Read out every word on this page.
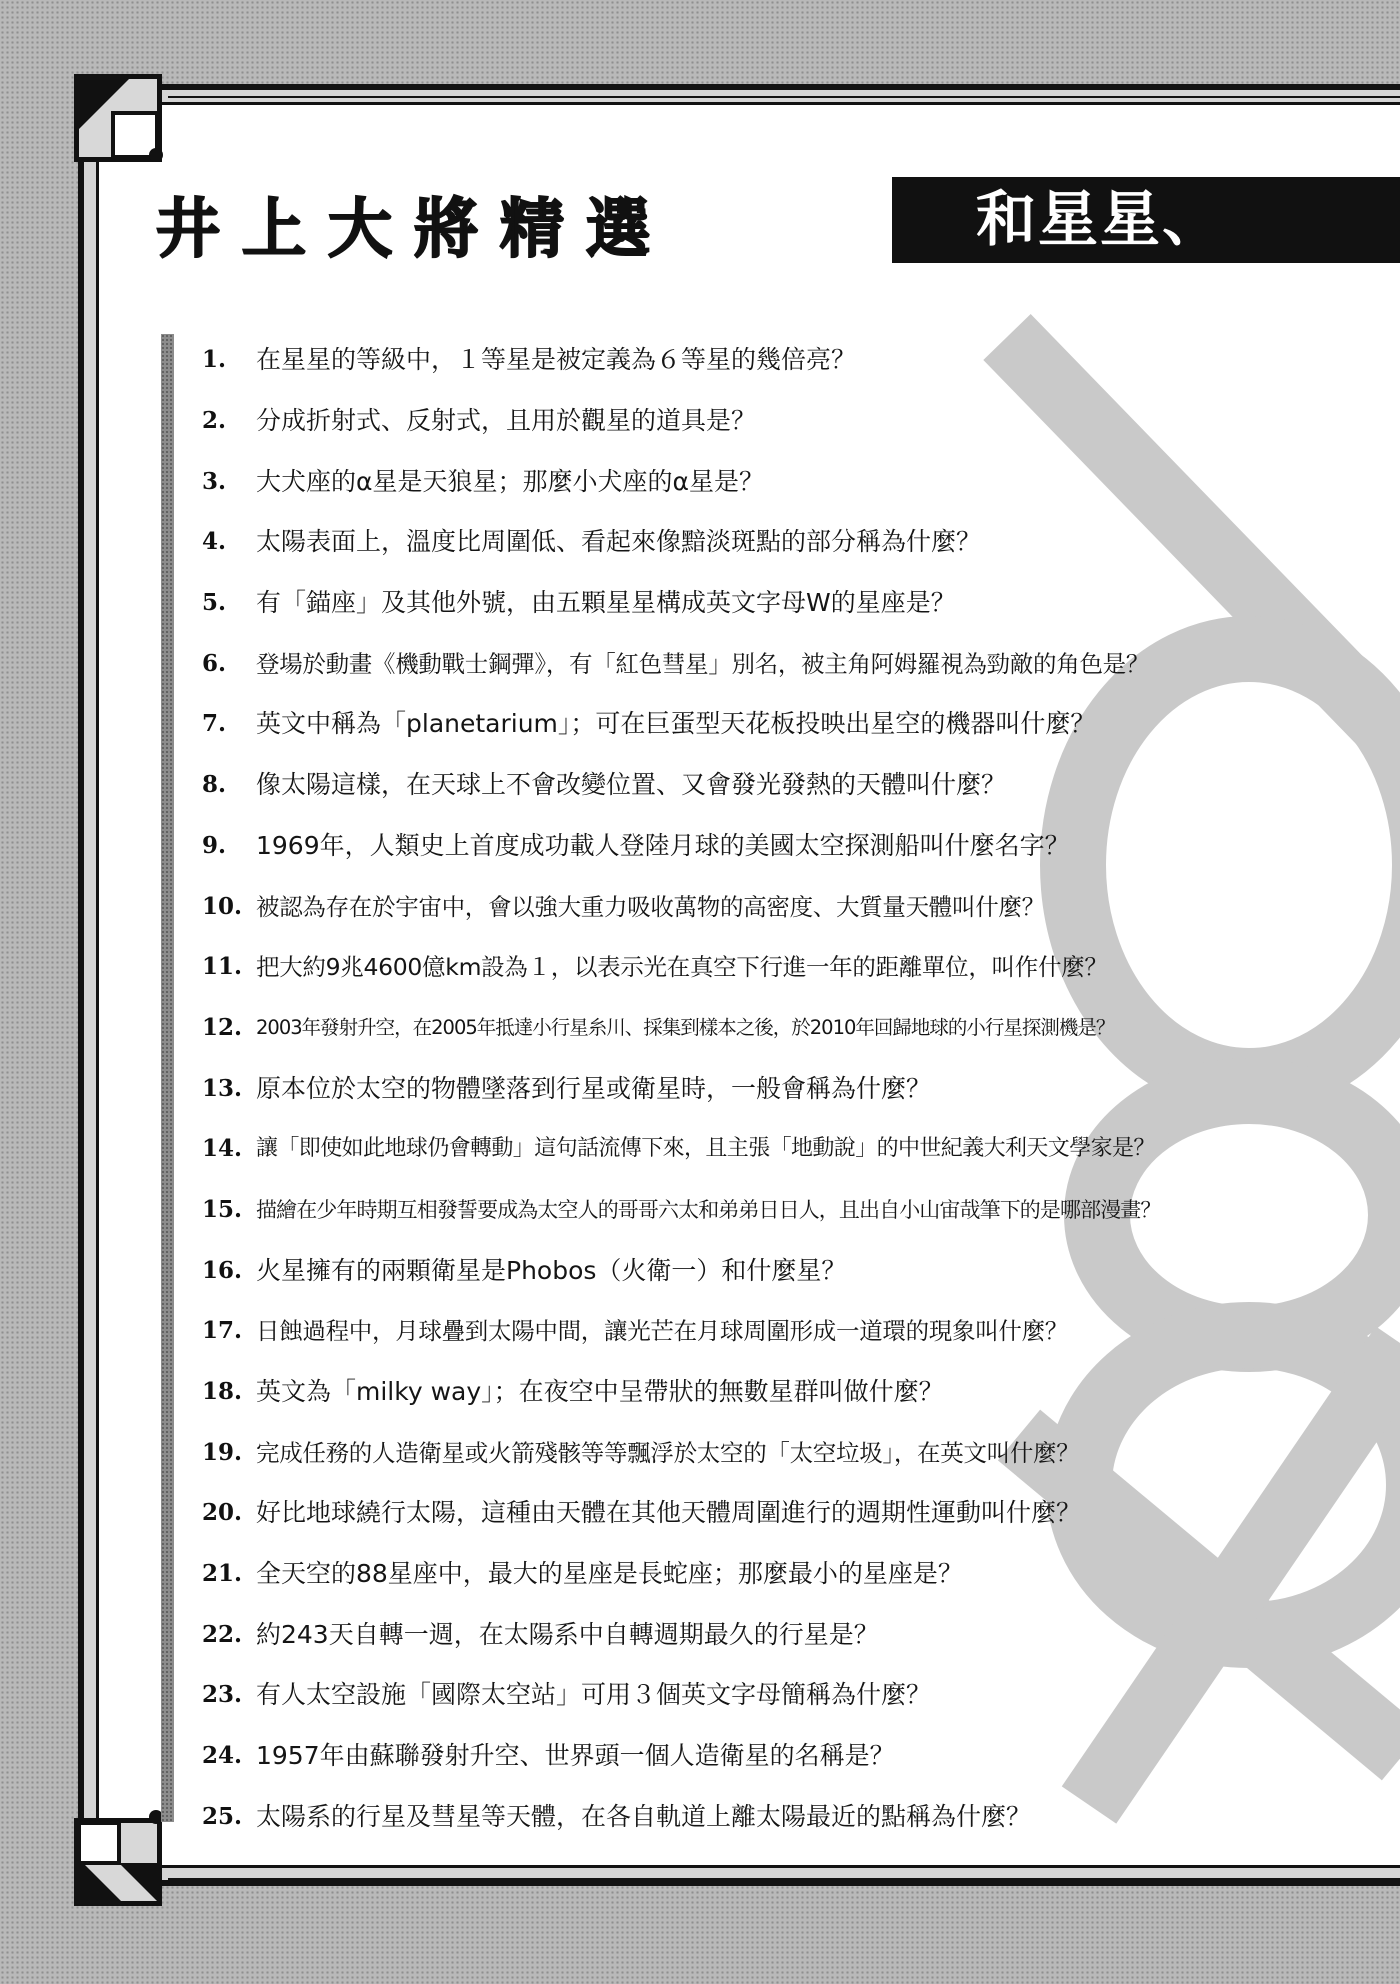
井上大將精選	和星星、
1.	在星星的等級中，１等星是被定義為６等星的幾倍亮？
2.	分成折射式、反射式，且用於觀星的道具是？
3.	大犬座的α星是天狼星；那麼小犬座的α星是？
4.	太陽表面上，溫度比周圍低、看起來像黯淡斑點的部分稱為什麼？
5.	有「錨座」及其他外號，由五顆星星構成英文字母W的星座是？
6.	登場於動畫《機動戰士鋼彈》，有「紅色彗星」別名，被主角阿姆羅視為勁敵的角色是？
7.	英文中稱為「planetarium」；可在巨蛋型天花板投映出星空的機器叫什麼？
8.	像太陽這樣，在天球上不會改變位置、又會發光發熱的天體叫什麼？
9.	1969年，人類史上首度成功載人登陸月球的美國太空探測船叫什麼名字？
10. 被認為存在於宇宙中，會以強大重力吸收萬物的高密度、大質量天體叫什麼？
11. 把大約9兆4600億km設為１，以表示光在真空下行進一年的距離單位，叫作什麼？
12. 2003年發射升空，在2005年抵達小行星糸川、採集到樣本之後，於2010年回歸地球的小行星探測機是？
13. 原本位於太空的物體墜落到行星或衛星時，一般會稱為什麼？
14. 讓「即使如此地球仍會轉動」這句話流傳下來，且主張「地動說」的中世紀義大利天文學家是？
15. 描繪在少年時期互相發誓要成為太空人的哥哥六太和弟弟日日人，且出自小山宙哉筆下的是哪部漫畫？
16. 火星擁有的兩顆衛星是Phobos（火衛一）和什麼星？
17. 日蝕過程中，月球疊到太陽中間，讓光芒在月球周圍形成一道環的現象叫什麼？
18. 英文為「milky way」；在夜空中呈帶狀的無數星群叫做什麼？
19. 完成任務的人造衛星或火箭殘骸等等飄浮於太空的「太空垃圾」，在英文叫什麼？
20. 好比地球繞行太陽，這種由天體在其他天體周圍進行的週期性運動叫什麼？
21. 全天空的88星座中，最大的星座是長蛇座；那麼最小的星座是？
22. 約243天自轉一週，在太陽系中自轉週期最久的行星是？
23. 有人太空設施「國際太空站」可用３個英文字母簡稱為什麼？
24. 1957年由蘇聯發射升空、世界頭一個人造衛星的名稱是？
25. 太陽系的行星及彗星等天體，在各自軌道上離太陽最近的點稱為什麼？
